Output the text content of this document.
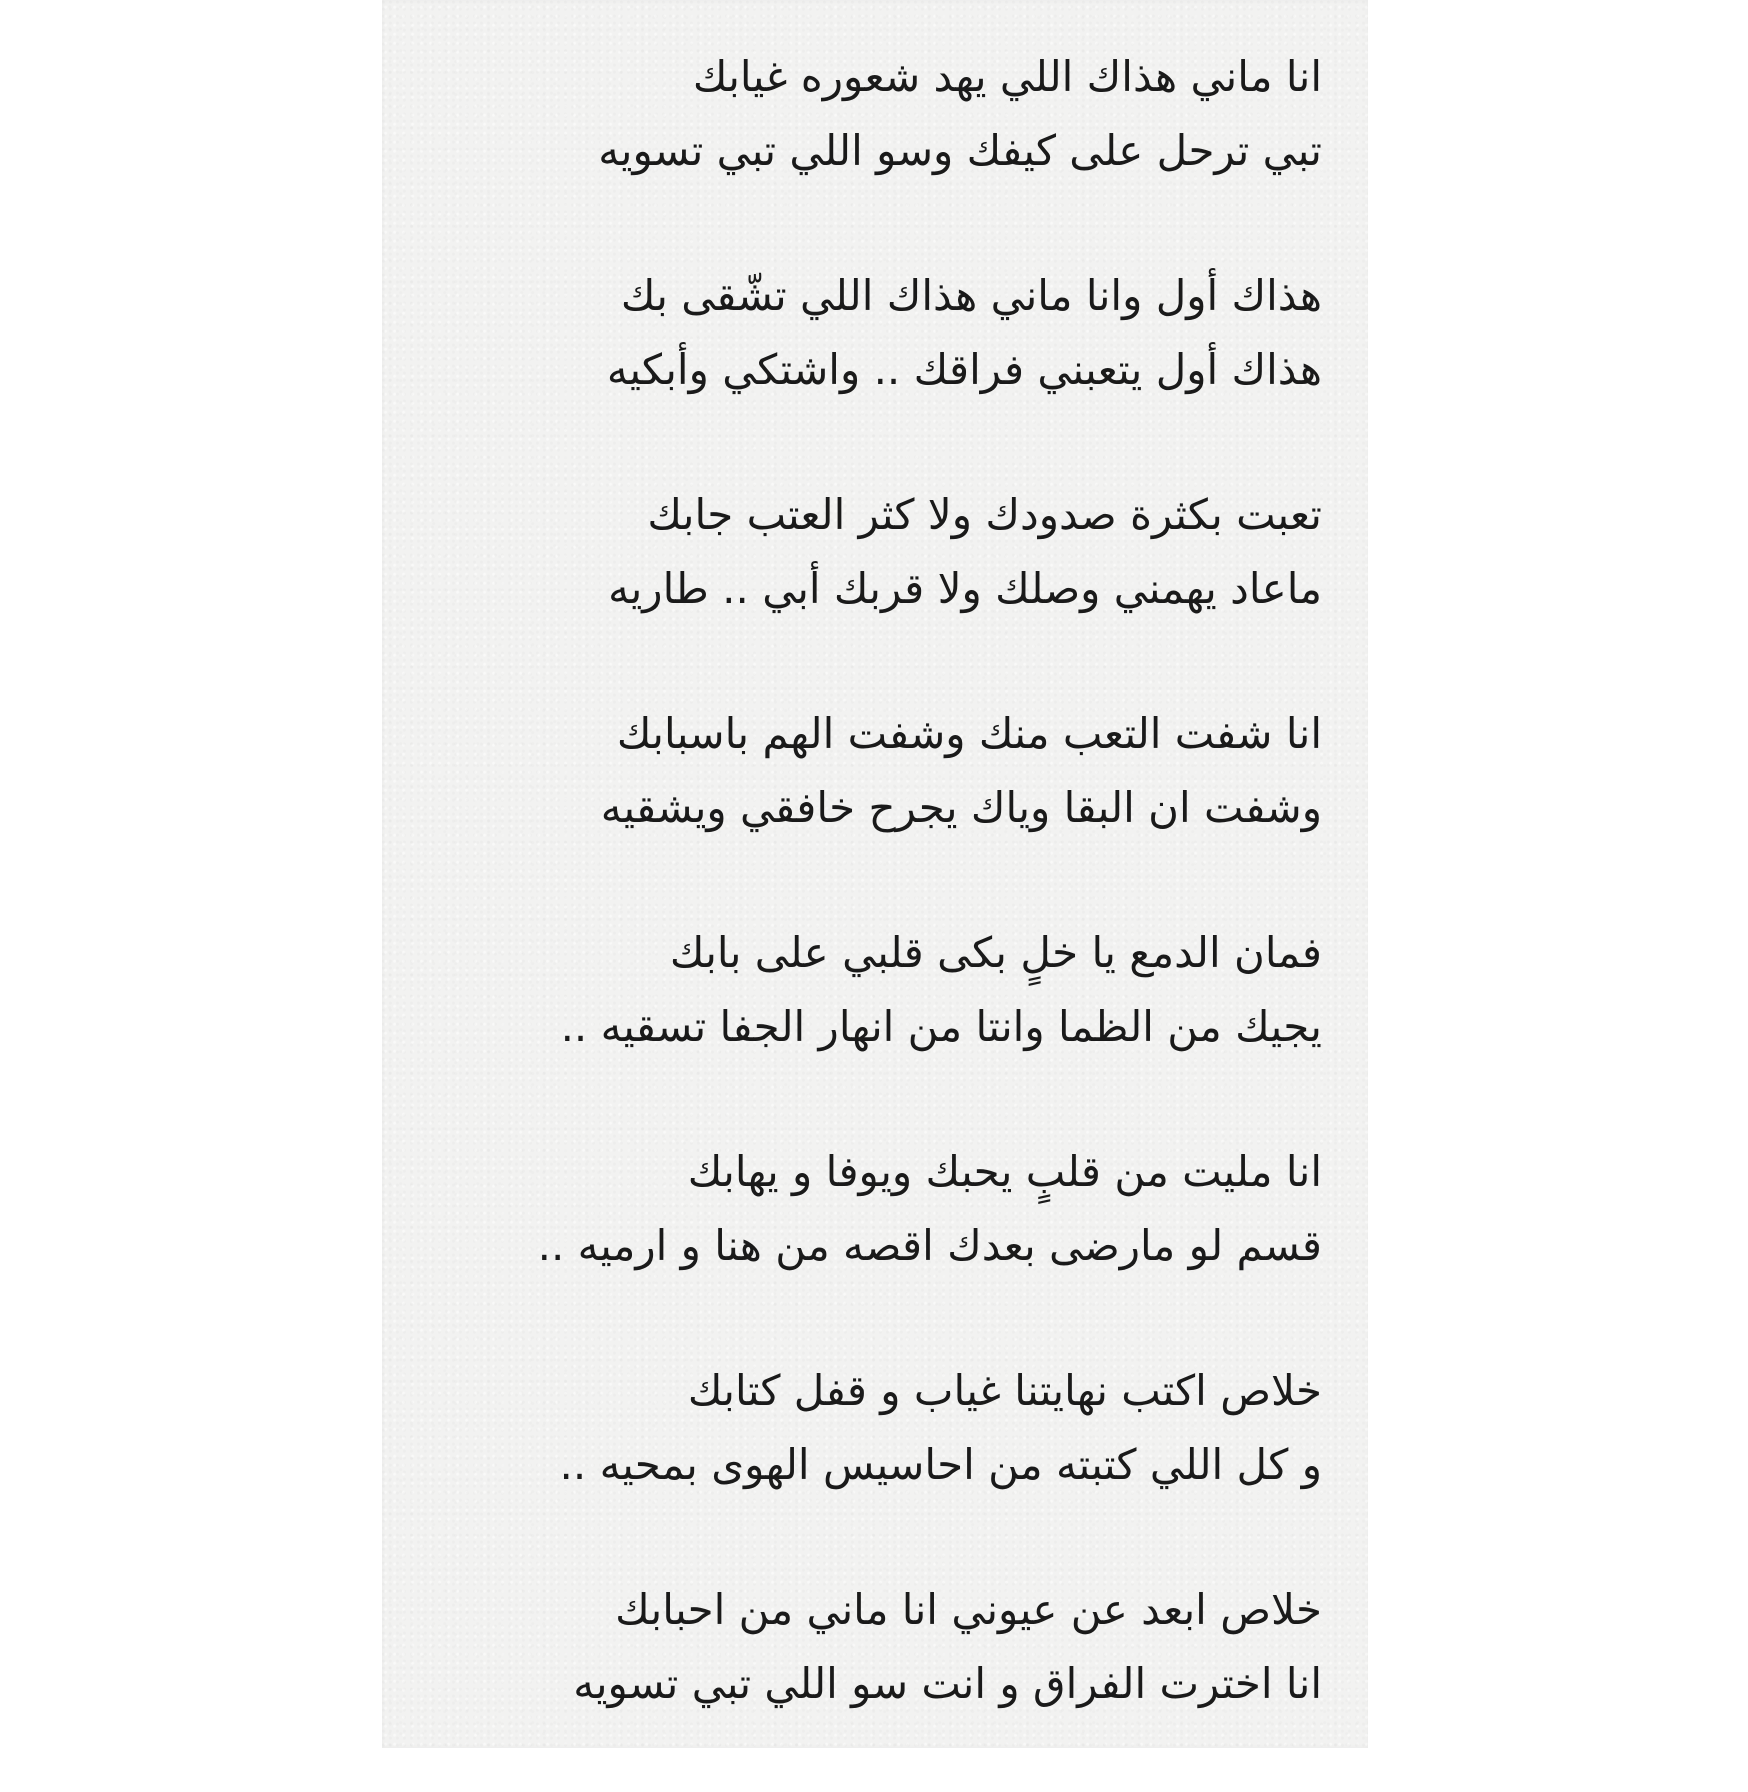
انا ماني هذاك اللي يهد شعوره غيابك
تبي ترحل على كيفك وسو اللي تبي تسويه
هذاك أول وانا ماني هذاك اللي تشّقى بك
هذاك أول يتعبني فراقك .. واشتكي وأبكيه
تعبت بكثرة صدودك ولا كثر العتب جابك
ماعاد يهمني وصلك ولا قربك أبي .. طاريه
انا شفت التعب منك وشفت الهم باسبابك
وشفت ان البقا وياك يجرح خافقي ويشقيه
فمان الدمع يا خلٍ بكى قلبي على بابك
يجيك من الظما وانتا من انهار الجفا تسقيه ..
انا مليت من قلبٍ يحبك ويوفا و يهابك
قسم لو مارضى بعدك اقصه من هنا و ارميه ..
خلاص اكتب نهايتنا غياب و قفل كتابك
و كل اللي كتبته من احاسيس الهوى بمحيه ..
خلاص ابعد عن عيوني انا ماني من احبابك
انا اخترت الفراق و انت سو اللي تبي تسويه
